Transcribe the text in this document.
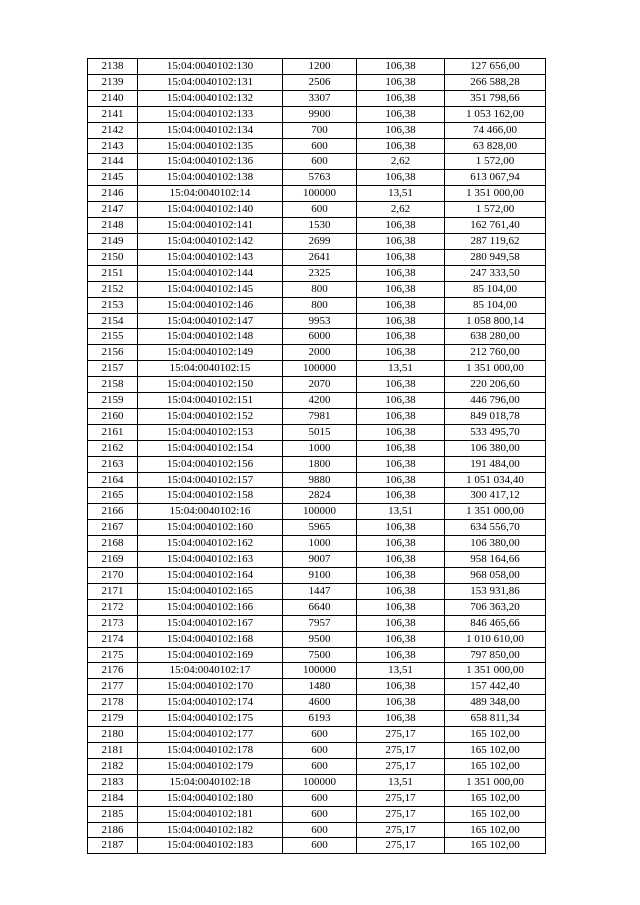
2138	15:04:0040102:130	1200	106,38	127 656,00
2139	15:04:0040102:131	2506	106,38	266 588,28
2140	15:04:0040102:132	3307	106,38	351 798,66
2141	15:04:0040102:133	9900	106,38	1 053 162,00
2142	15:04:0040102:134	700	106,38	74 466,00
2143	15:04:0040102:135	600	106,38	63 828,00
2144	15:04:0040102:136	600	2,62	1 572,00
2145	15:04:0040102:138	5763	106,38	613 067,94
2146	15:04:0040102:14	100000	13,51	1 351 000,00
2147	15:04:0040102:140	600	2,62	1 572,00
2148	15:04:0040102:141	1530	106,38	162 761,40
2149	15:04:0040102:142	2699	106,38	287 119,62
2150	15:04:0040102:143	2641	106,38	280 949,58
2151	15:04:0040102:144	2325	106,38	247 333,50
2152	15:04:0040102:145	800	106,38	85 104,00
2153	15:04:0040102:146	800	106,38	85 104,00
2154	15:04:0040102:147	9953	106,38	1 058 800,14
2155	15:04:0040102:148	6000	106,38	638 280,00
2156	15:04:0040102:149	2000	106,38	212 760,00
2157	15:04:0040102:15	100000	13,51	1 351 000,00
2158	15:04:0040102:150	2070	106,38	220 206,60
2159	15:04:0040102:151	4200	106,38	446 796,00
2160	15:04:0040102:152	7981	106,38	849 018,78
2161	15:04:0040102:153	5015	106,38	533 495,70
2162	15:04:0040102:154	1000	106,38	106 380,00
2163	15:04:0040102:156	1800	106,38	191 484,00
2164	15:04:0040102:157	9880	106,38	1 051 034,40
2165	15:04:0040102:158	2824	106,38	300 417,12
2166	15:04:0040102:16	100000	13,51	1 351 000,00
2167	15:04:0040102:160	5965	106,38	634 556,70
2168	15:04:0040102:162	1000	106,38	106 380,00
2169	15:04:0040102:163	9007	106,38	958 164,66
2170	15:04:0040102:164	9100	106,38	968 058,00
2171	15:04:0040102:165	1447	106,38	153 931,86
2172	15:04:0040102:166	6640	106,38	706 363,20
2173	15:04:0040102:167	7957	106,38	846 465,66
2174	15:04:0040102:168	9500	106,38	1 010 610,00
2175	15:04:0040102:169	7500	106,38	797 850,00
2176	15:04:0040102:17	100000	13,51	1 351 000,00
2177	15:04:0040102:170	1480	106,38	157 442,40
2178	15:04:0040102:174	4600	106,38	489 348,00
2179	15:04:0040102:175	6193	106,38	658 811,34
2180	15:04:0040102:177	600	275,17	165 102,00
2181	15:04:0040102:178	600	275,17	165 102,00
2182	15:04:0040102:179	600	275,17	165 102,00
2183	15:04:0040102:18	100000	13,51	1 351 000,00
2184	15:04:0040102:180	600	275,17	165 102,00
2185	15:04:0040102:181	600	275,17	165 102,00
2186	15:04:0040102:182	600	275,17	165 102,00
2187	15:04:0040102:183	600	275,17	165 102,00
